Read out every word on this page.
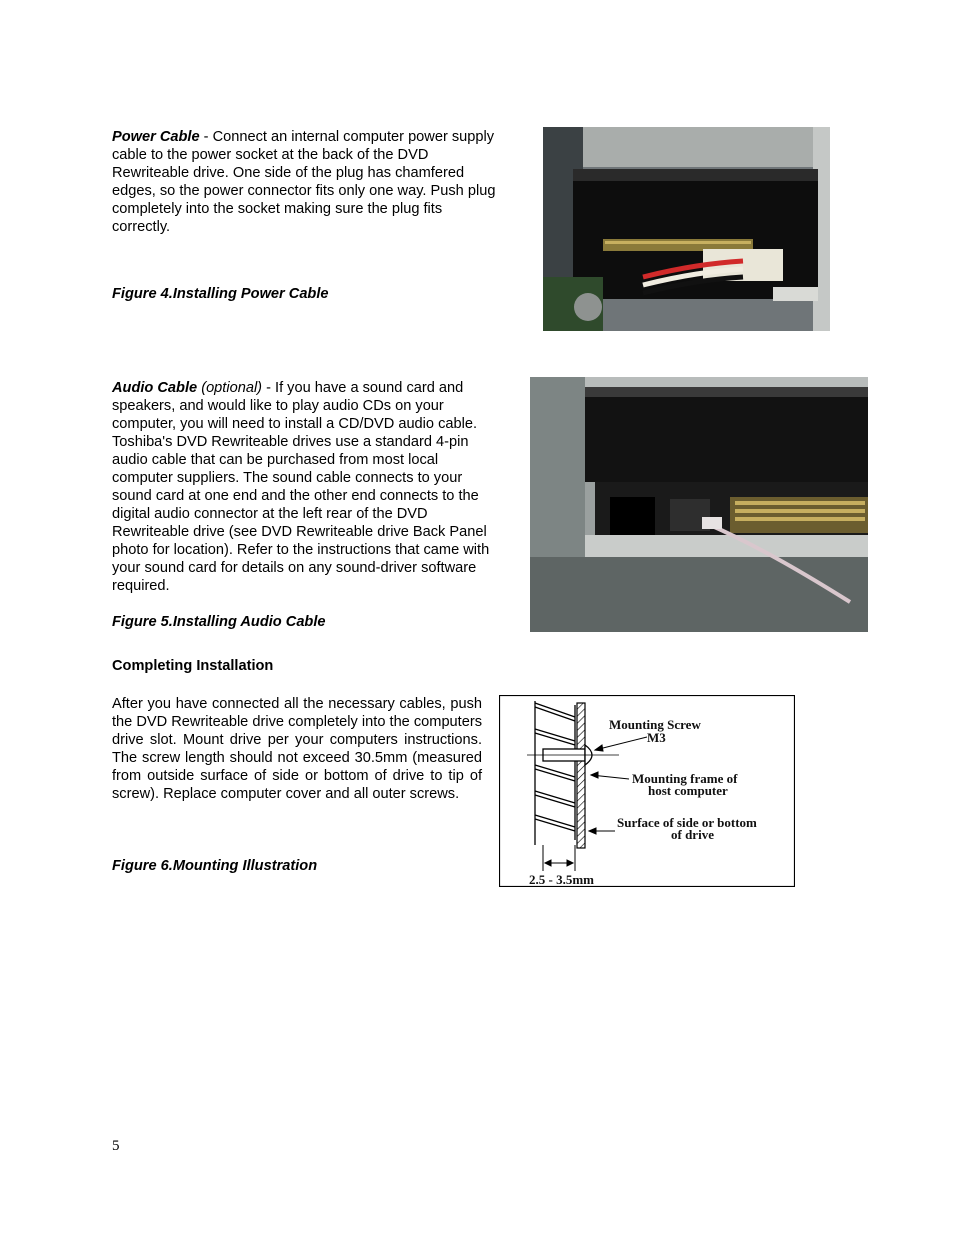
Power Cable - Connect an internal computer power supply cable to the power socket at the back of the DVD Rewriteable drive. One side of the plug has chamfered edges, so the power connector fits only one way. Push plug completely into the socket making sure the plug fits correctly.

Figure 4.Installing Power Cable

Audio Cable (optional) - If you have a sound card and speakers, and would like to play audio CDs on your computer, you will need to install a CD/DVD audio cable. Toshiba's DVD Rewriteable drives use a standard 4-pin audio cable that can be purchased from most local computer suppliers. The sound cable connects to your sound card at one end and the other end connects to the digital audio connector at the left rear of the DVD Rewriteable drive (see DVD Rewriteable drive Back Panel photo for location). Refer to the instructions that came with your sound card for details on any sound-driver software required.

Figure 5.Installing Audio Cable

Completing Installation

After you have connected all the necessary cables, push the DVD Rewriteable drive completely into the computers drive slot. Mount drive per your computers instructions. The screw length should not exceed 30.5mm (measured from outside surface of side or bottom of drive to tip of screw). Replace computer cover and all outer screws.

Figure 6.Mounting Illustration

Mounting Screw
M3
Mounting frame of
host computer
Surface of side or bottom
of drive
2.5 - 3.5mm
5
